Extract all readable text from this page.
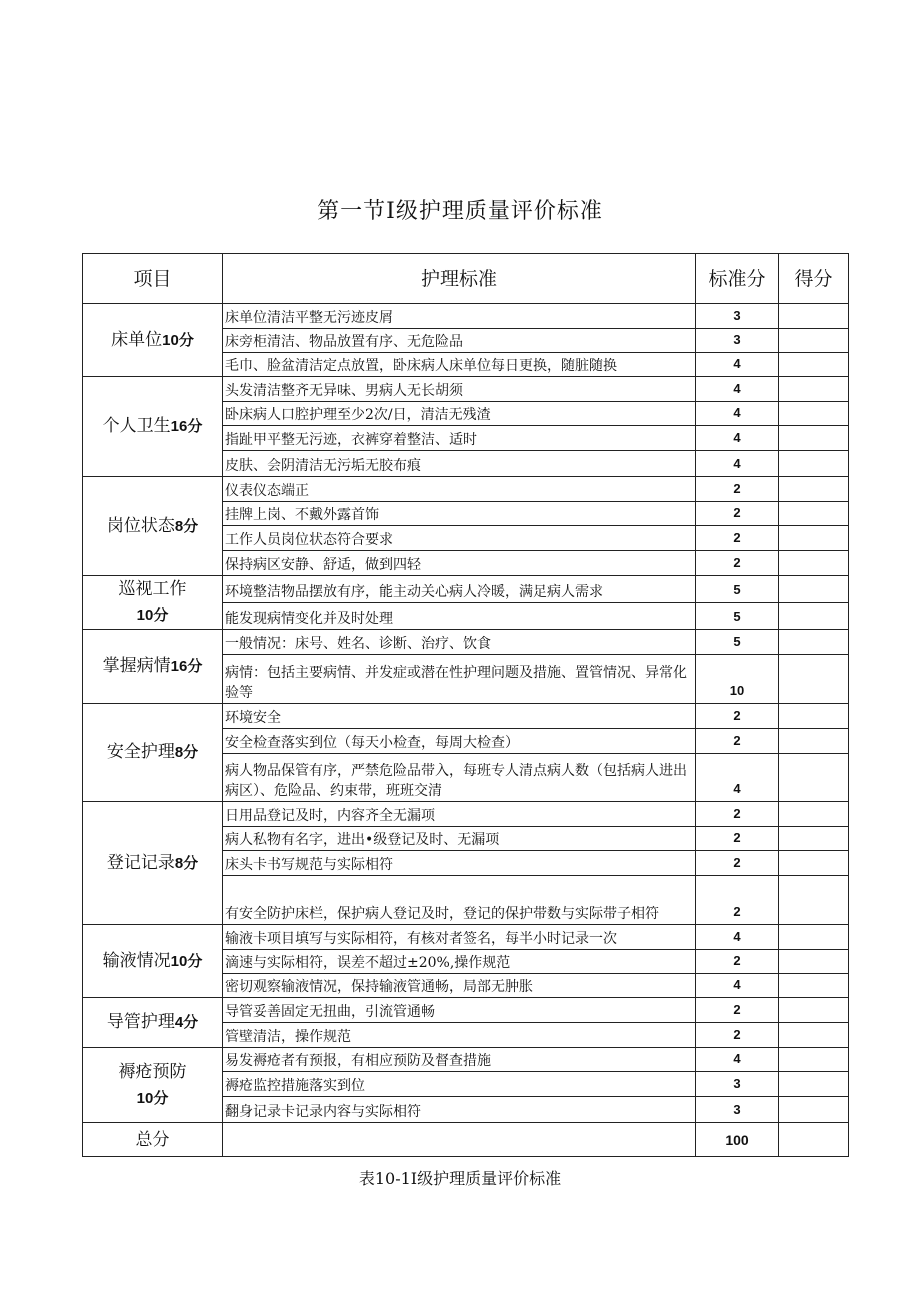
第一节Ⅰ级护理质量评价标准
项目	护理标准	标准分	得分
床单位10分	床单位清洁平整无污迹皮屑	3	
	床旁柜清洁、物品放置有序、无危险品	3	
	毛巾、脸盆清洁定点放置，卧床病人床单位每日更换，随脏随换	4	
个人卫生16分	头发清洁整齐无异味、男病人无长胡须	4	
	卧床病人口腔护理至少2次/日，清洁无残渣	4	
	指趾甲平整无污迹，衣裤穿着整洁、适时	4	
	皮肤、会阴清洁无污垢无胶布痕	4	
岗位状态8分	仪表仪态端正	2	
	挂牌上岗、不戴外露首饰	2	
	工作人员岗位状态符合要求	2	
	保持病区安静、舒适，做到四轻	2	
巡视工作
10分	环境整洁物品摆放有序，能主动关心病人冷暖，满足病人需求	5	
	能发现病情变化并及时处理	5	
掌握病情16分	一般情况：床号、姓名、诊断、治疗、饮食	5	
	病情：包括主要病情、并发症或潜在性护理问题及措施、置管情况、异常化验等	10	
安全护理8分	环境安全	2	
	安全检查落实到位（每天小检查，每周大检查）	2	
	病人物品保管有序，严禁危险品带入，每班专人清点病人数（包括病人进出病区）、危险品、约束带，班班交清	4	
登记记录8分	日用品登记及时，内容齐全无漏项	2	
	病人私物有名字，进出•级登记及时、无漏项	2	
	床头卡书写规范与实际相符	2	
	有安全防护床栏，保护病人登记及时，登记的保护带数与实际带子相符	2	
输液情况10分	输液卡项目填写与实际相符，有核对者签名，每半小时记录一次	4	
	滴速与实际相符，误差不超过±20%,操作规范	2	
	密切观察输液情况，保持输液管通畅，局部无肿胀	4	
导管护理4分	导管妥善固定无扭曲，引流管通畅	2	
	管壁清洁，操作规范	2	
褥疮预防
10分	易发褥疮者有预报，有相应预防及督查措施	4	
	褥疮监控措施落实到位	3	
	翻身记录卡记录内容与实际相符	3	
总分		100	
表10-1Ⅰ级护理质量评价标准
